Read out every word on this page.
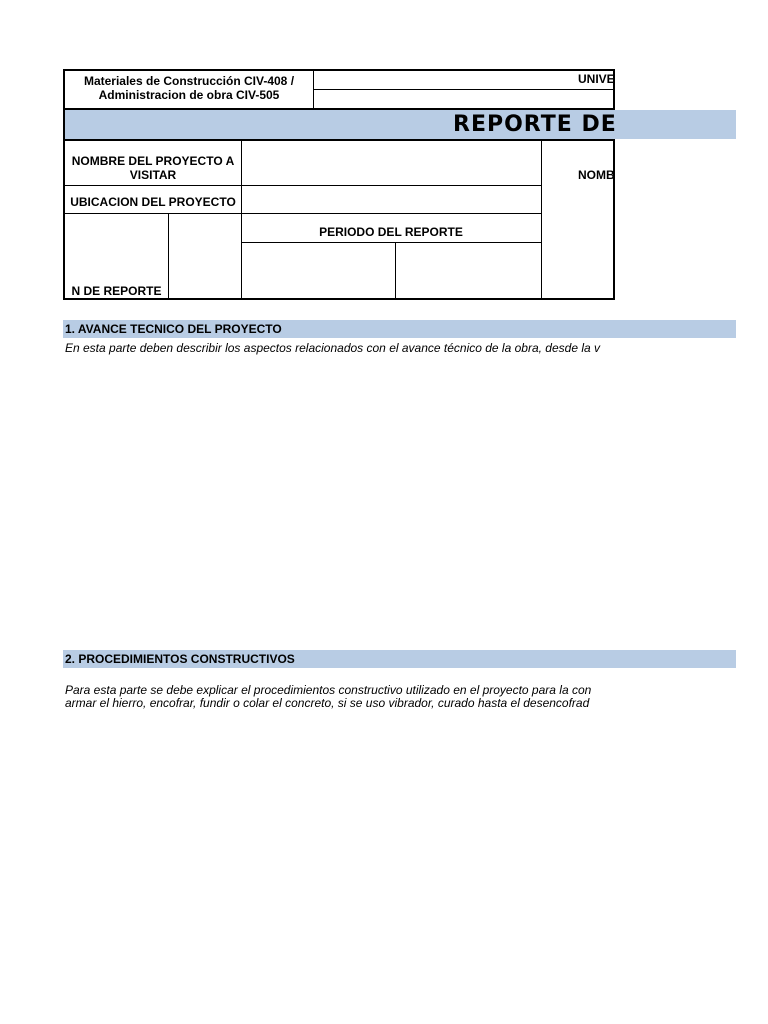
Materiales de Construcción CIV-408 /
Administracion de obra CIV-505
UNIVE
REPORTE DE
NOMBRE DEL PROYECTO A
VISITAR	NOMB
UBICACION DEL PROYECTO
PERIODO DEL REPORTE
N DE REPORTE
1. AVANCE TECNICO DEL PROYECTO
En esta parte deben describir los aspectos relacionados con el avance técnico de la obra, desde la v
2. PROCEDIMIENTOS CONSTRUCTIVOS
Para esta parte se debe explicar el procedimientos constructivo utilizado en el proyecto para la con
armar el hierro, encofrar, fundir o colar el concreto, si se uso vibrador, curado hasta el desencofrad
